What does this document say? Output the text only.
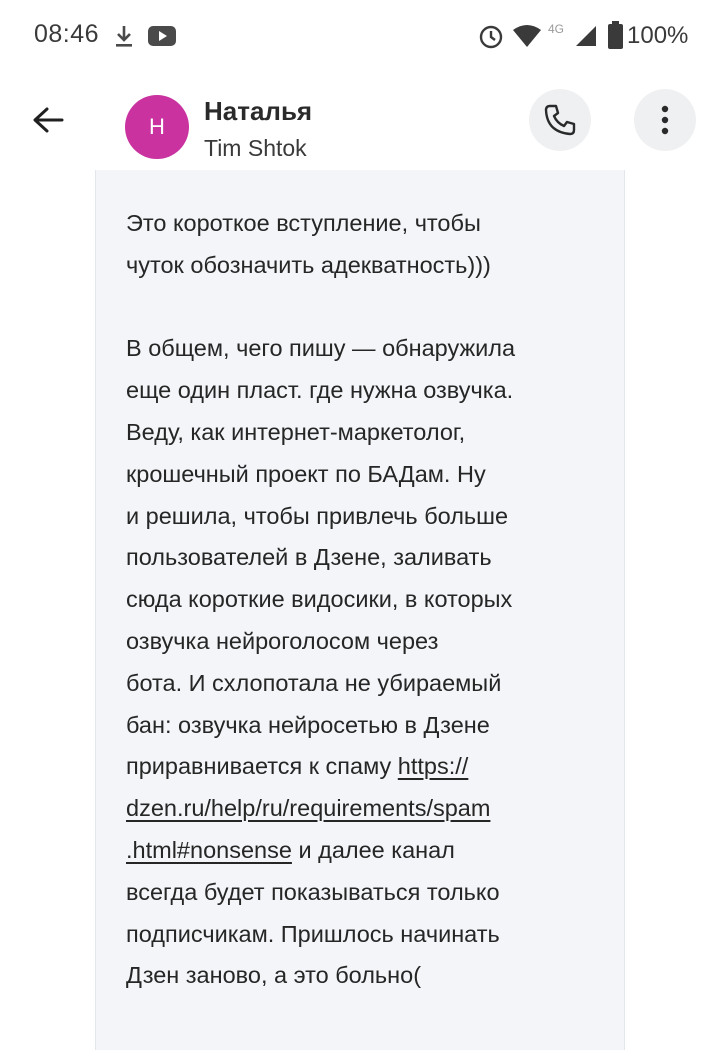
08:46	4G	100%
Н
Наталья
Tim Shtok
Это короткое вступление, чтобы
чуток обозначить адекватность)))
В общем, чего пишу — обнаружила
еще один пласт. где нужна озвучка.
Веду, как интернет-маркетолог,
крошечный проект по БАДам. Ну
и решила, чтобы привлечь больше
пользователей в Дзене, заливать
сюда короткие видосики, в которых
озвучка нейроголосом через
бота. И схлопотала не убираемый
бан: озвучка нейросетью в Дзене
приравнивается к спаму https://
dzen.ru/help/ru/requirements/spam
.html#nonsense и далее канал
всегда будет показываться только
подписчикам. Пришлось начинать
Дзен заново, а это больно(
